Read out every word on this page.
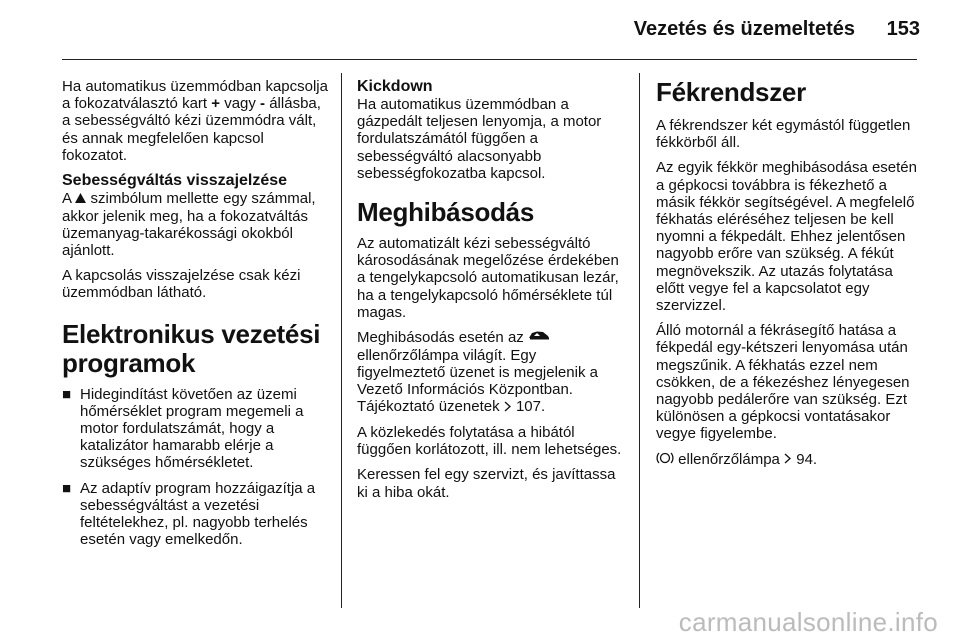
Vezetés és üzemeltetés 153

Ha automatikus üzemmódban kapcsolja a fokozatválasztó kart + vagy - állásba, a sebességváltó kézi üzemmódra vált, és annak megfelelően kapcsol fokozatot.

Sebességváltás visszajelzése

A szimbólum mellette egy számmal, akkor jelenik meg, ha a fokozatváltás üzemanyag-takarékossági okokból ajánlott.

A kapcsolás visszajelzése csak kézi üzemmódban látható.

Elektronikus vezetési programok
■ Hidegindítást követően az üzemi hőmérséklet program megemeli a motor fordulatszámát, hogy a katalizátor hamarabb elérje a szükséges hőmérsékletet.
■ Az adaptív program hozzáigazítja a sebességváltást a vezetési feltételekhez, pl. nagyobb terhelés esetén vagy emelkedőn.
Kickdown

Ha automatikus üzemmódban a gázpedált teljesen lenyomja, a motor fordulatszámától függően a sebességváltó alacsonyabb sebességfokozatba kapcsol.

Meghibásodás

Az automatizált kézi sebességváltó károsodásának megelőzése érdekében a tengelykapcsoló automatikusan lezár, ha a tengelykapcsoló hőmérséklete túl magas.

Meghibásodás esetén az  ellenőrzőlámpa világít. Egy figyelmeztető üzenet is megjelenik a Vezető Információs Központban. Tájékoztató üzenetek 107.

A közlekedés folytatása a hibától függően korlátozott, ill. nem lehetséges.

Keressen fel egy szervizt, és javíttassa ki a hiba okát.

Fékrendszer

A fékrendszer két egymástól független fékkörből áll.

Az egyik fékkör meghibásodása esetén a gépkocsi továbbra is fékezhető a másik fékkör segítségével. A megfelelő fékhatás eléréséhez teljesen be kell nyomni a fékpedált. Ehhez jelentősen nagyobb erőre van szükség. A fékút megnövekszik. Az utazás folytatása előtt vegye fel a kapcsolatot egy szervizzel.

Álló motornál a fékrásegítő hatása a fékpedál egy-kétszeri lenyomása után megszűnik. A fékhatás ezzel nem csökken, de a fékezéshez lényegesen nagyobb pedálerőre van szükség. Ezt különösen a gépkocsi vontatásakor vegye figyelembe.

ellenőrzőlámpa 94.

carmanualsonline.info
